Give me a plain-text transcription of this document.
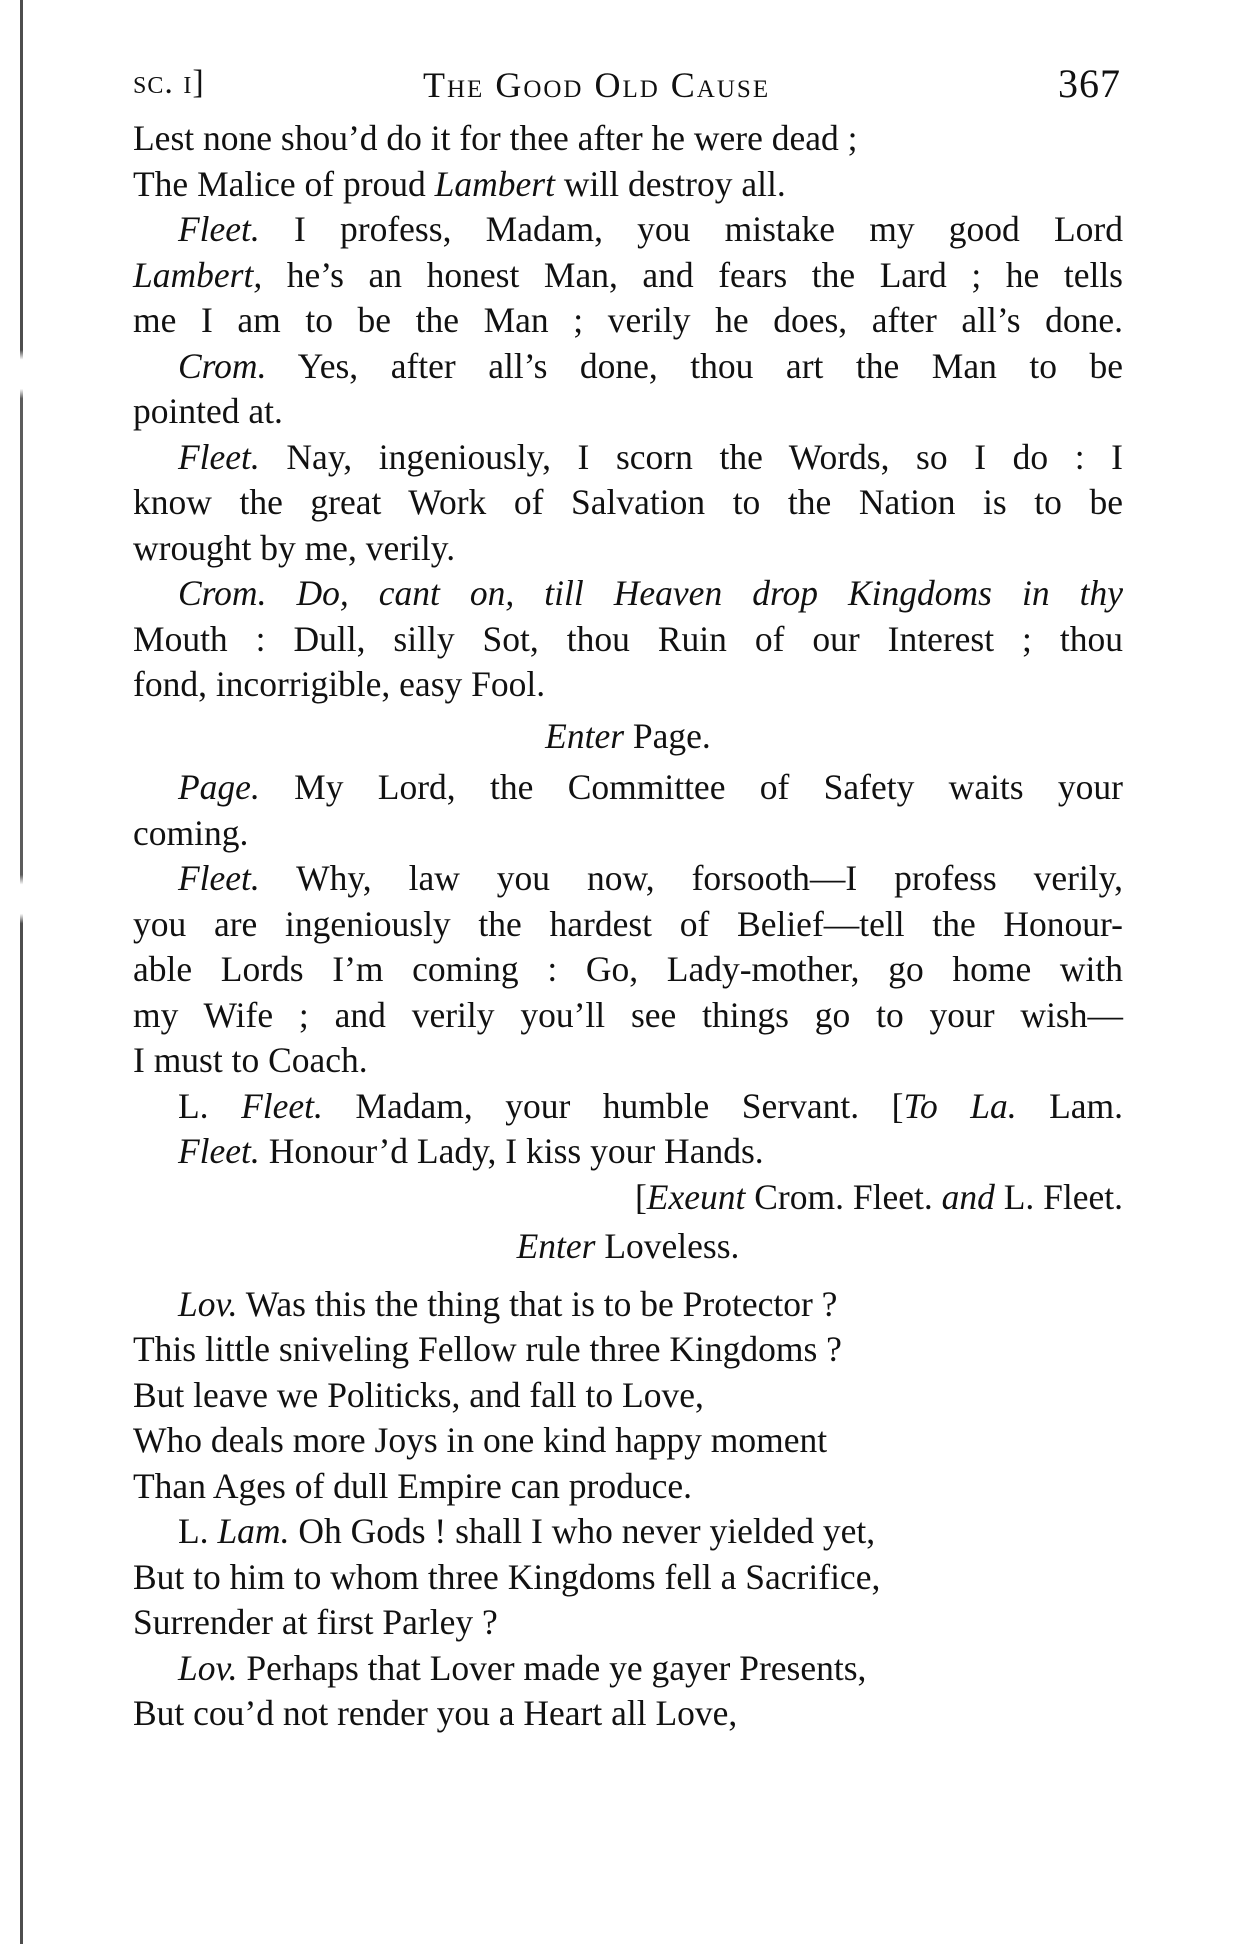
sc. i]	The Good Old Cause	367
Lest none shou’d do it for thee after he were dead ;
The Malice of proud Lambert will destroy all.
Fleet. I profess, Madam, you mistake my good Lord
Lambert, he’s an honest Man, and fears the Lard ; he tells
me I am to be the Man ; verily he does, after all’s done.
Crom. Yes, after all’s done, thou art the Man to be
pointed at.
Fleet. Nay, ingeniously, I scorn the Words, so I do : I
know the great Work of Salvation to the Nation is to be
wrought by me, verily.
Crom. Do, cant on, till Heaven drop Kingdoms in thy
Mouth : Dull, silly Sot, thou Ruin of our Interest ; thou
fond, incorrigible, easy Fool.
Enter Page.
Page. My Lord, the Committee of Safety waits your
coming.
Fleet. Why, law you now, forsooth—I profess verily,
you are ingeniously the hardest of Belief—tell the Honour-
able Lords I’m coming : Go, Lady-mother, go home with
my Wife ; and verily you’ll see things go to your wish—
I must to Coach.
L. Fleet. Madam, your humble Servant. [To La. Lam.
Fleet. Honour’d Lady, I kiss your Hands.
[Exeunt Crom. Fleet. and L. Fleet.
Enter Loveless.
Lov. Was this the thing that is to be Protector ?
This little sniveling Fellow rule three Kingdoms ?
But leave we Politicks, and fall to Love,
Who deals more Joys in one kind happy moment
Than Ages of dull Empire can produce.
L. Lam. Oh Gods ! shall I who never yielded yet,
But to him to whom three Kingdoms fell a Sacrifice,
Surrender at first Parley ?
Lov. Perhaps that Lover made ye gayer Presents,
But cou’d not render you a Heart all Love,
